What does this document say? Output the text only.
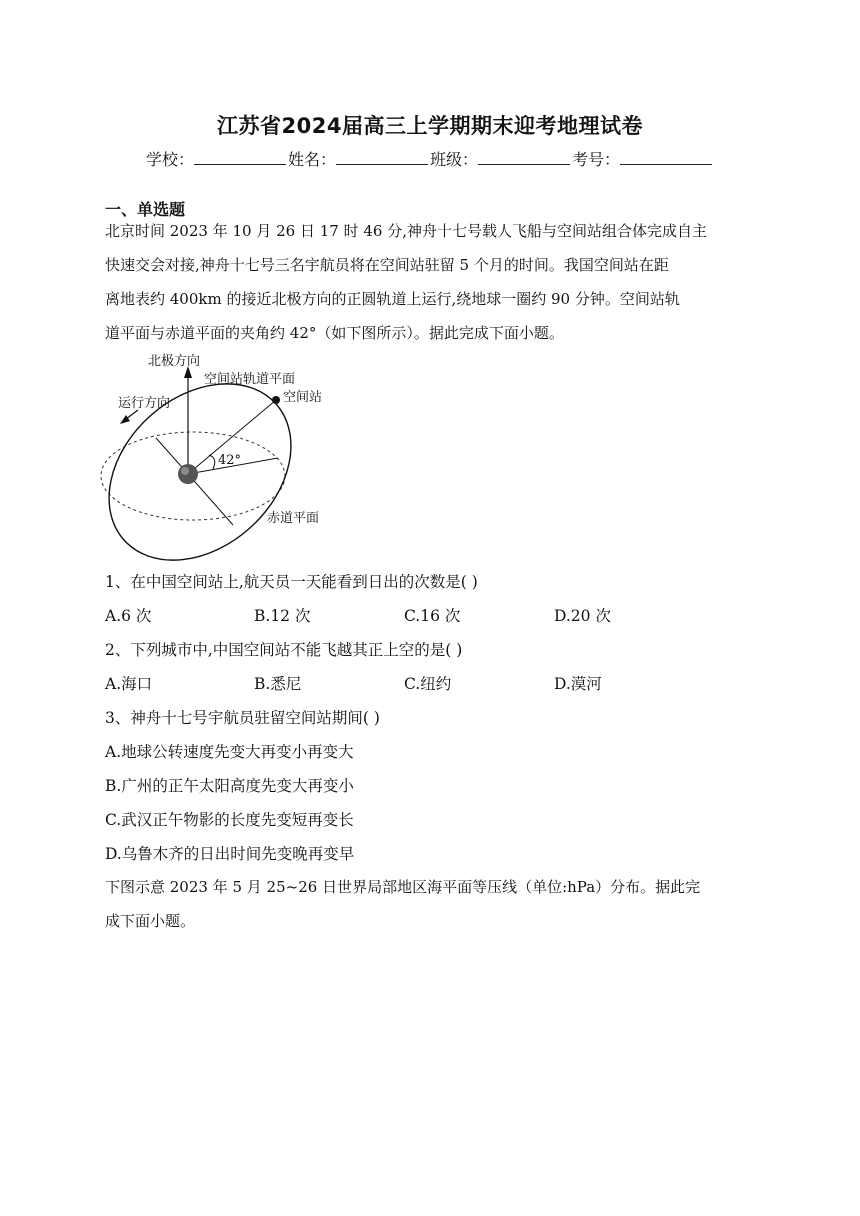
江苏省2024届高三上学期期末迎考地理试卷
学校：	姓名：	班级：	考号：
一、单选题
北京时间 2023 年 10 月 26 日 17 时 46 分,神舟十七号载人飞船与空间站组合体完成自主
快速交会对接,神舟十七号三名宇航员将在空间站驻留 5 个月的时间。我国空间站在距
离地表约 400km 的接近北极方向的正圆轨道上运行,绕地球一圈约 90 分钟。空间站轨
道平面与赤道平面的夹角约 42°（如下图所示）。据此完成下面小题。
北极方向
空间站轨道平面
空间站
运行方向
42°
赤道平面
1、在中国空间站上,航天员一天能看到日出的次数是( )
A.6 次	B.12 次	C.16 次	D.20 次
2、下列城市中,中国空间站不能飞越其正上空的是( )
A.海口	B.悉尼	C.纽约	D.漠河
3、神舟十七号宇航员驻留空间站期间( )
A.地球公转速度先变大再变小再变大
B.广州的正午太阳高度先变大再变小
C.武汉正午物影的长度先变短再变长
D.乌鲁木齐的日出时间先变晚再变早
下图示意 2023 年 5 月 25~26 日世界局部地区海平面等压线（单位:hPa）分布。据此完
成下面小题。
